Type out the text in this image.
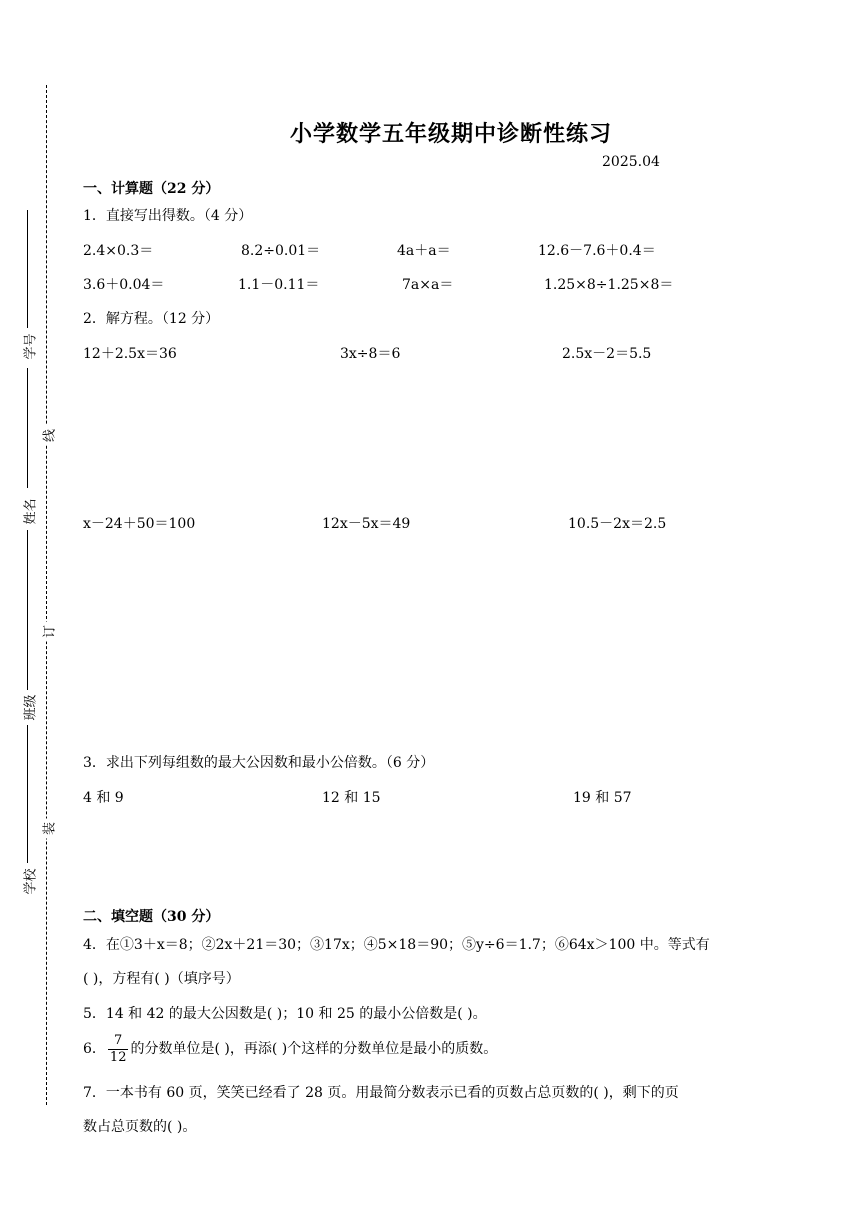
学号
姓名
班级
学校
线
订
装
小学数学五年级期中诊断性练习
2025.04
一、计算题（22 分）
1．直接写出得数。（4 分）
2.4×0.3＝	8.2÷0.01＝	4a＋a＝	12.6－7.6＋0.4＝
3.6＋0.04＝	1.1－0.11＝	7a×a＝	1.25×8÷1.25×8＝
2．解方程。（12 分）
12＋2.5x＝36	3x÷8＝6	2.5x－2＝5.5
x－24＋50＝100	12x－5x＝49	10.5－2x＝2.5
3．求出下列每组数的最大公因数和最小公倍数。（6 分）
4 和 9	12 和 15	19 和 57
二、填空题（30 分）
4．在①3＋x＝8；②2x＋21＝30；③17x；④5×18＝90；⑤y÷6＝1.7；⑥64x＞100 中。等式有
( )，方程有( )（填序号）
5．14 和 42 的最大公因数是( )；10 和 25 的最小公倍数是( )。
6． $\frac{7}{12}$ 的分数单位是( )，再添( )个这样的分数单位是最小的质数。
7．一本书有 60 页，笑笑已经看了 28 页。用最简分数表示已看的页数占总页数的( )，剩下的页
数占总页数的( )。
